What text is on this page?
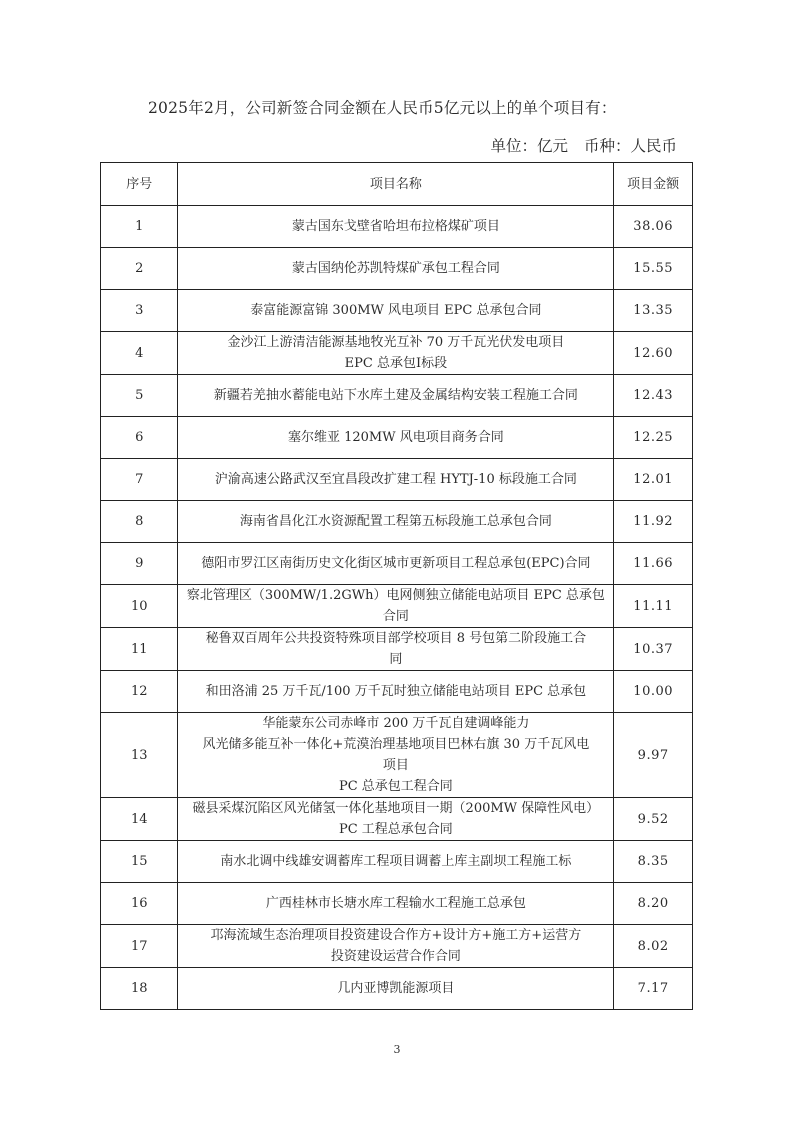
2025年2月，公司新签合同金额在人民币5亿元以上的单个项目有：
单位：亿元 币种：人民币
序号	项目名称	项目金额
1	蒙古国东戈壁省哈坦布拉格煤矿项目	38.06
2	蒙古国纳伦苏凯特煤矿承包工程合同	15.55
3	泰富能源富锦 300MW 风电项目 EPC 总承包合同	13.35
4	金沙江上游清洁能源基地牧光互补 70 万千瓦光伏发电项目
EPC 总承包Ⅰ标段	12.60
5	新疆若羌抽水蓄能电站下水库土建及金属结构安装工程施工合同	12.43
6	塞尔维亚 120MW 风电项目商务合同	12.25
7	沪渝高速公路武汉至宜昌段改扩建工程 HYTJ-10 标段施工合同	12.01
8	海南省昌化江水资源配置工程第五标段施工总承包合同	11.92
9	德阳市罗江区南街历史文化街区城市更新项目工程总承包(EPC)合同	11.66
10	察北管理区（300MW/1.2GWh）电网侧独立储能电站项目 EPC 总承包
合同	11.11
11	秘鲁双百周年公共投资特殊项目部学校项目 8 号包第二阶段施工合
同	10.37
12	和田洛浦 25 万千瓦/100 万千瓦时独立储能电站项目 EPC 总承包	10.00
13	华能蒙东公司赤峰市 200 万千瓦自建调峰能力
风光储多能互补一体化+荒漠治理基地项目巴林右旗 30 万千瓦风电
项目
PC 总承包工程合同	9.97
14	磁县采煤沉陷区风光储氢一体化基地项目一期（200MW 保障性风电）
PC 工程总承包合同	9.52
15	南水北调中线雄安调蓄库工程项目调蓄上库主副坝工程施工标	8.35
16	广西桂林市长塘水库工程输水工程施工总承包	8.20
17	邛海流域生态治理项目投资建设合作方+设计方+施工方+运营方
投资建设运营合作合同	8.02
18	几内亚博凯能源项目	7.17
3
